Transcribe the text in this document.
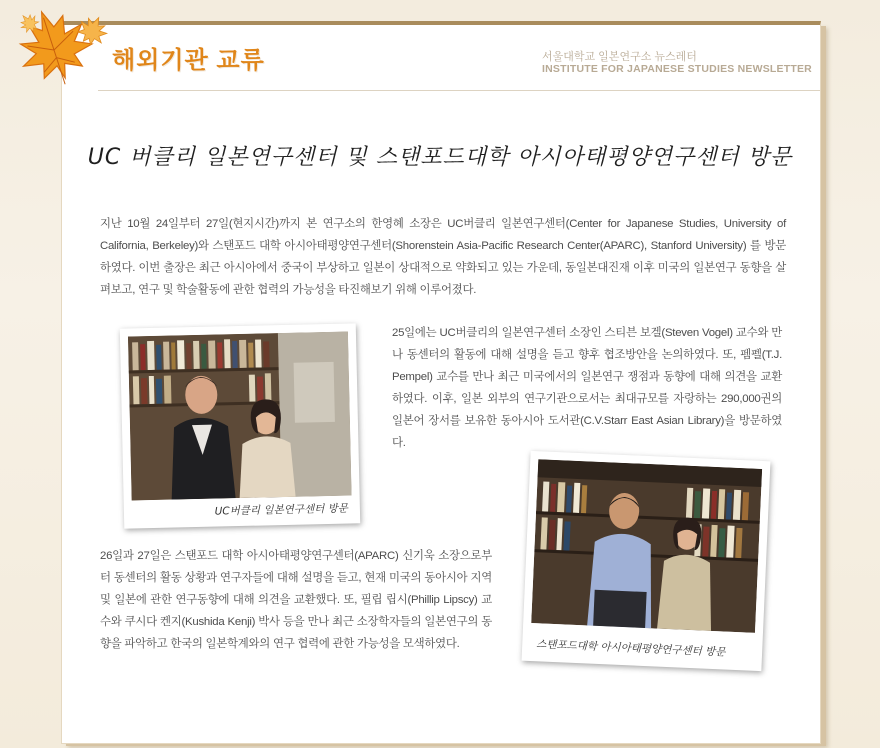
해외기관 교류	서울대학교 일본연구소 뉴스레터
INSTITUTE FOR JAPANESE STUDIES NEWSLETTER
UC 버클리 일본연구센터 및 스탠포드대학 아시아태평양연구센터 방문

지난 10월 24일부터 27일(현지시간)까지 본 연구소의 한영혜 소장은 UC버클리 일본연구센터(Center for Japanese Studies, University of California, Berkeley)와 스탠포드 대학 아시아태평양연구센터(Shorenstein Asia-Pacific Research Center(APARC), Stanford University) 를 방문하였다. 이번 출장은 최근 아시아에서 중국이 부상하고 일본이 상대적으로 약화되고 있는 가운데, 동일본대진재 이후 미국의 일본연구 동향을 살펴보고, 연구 및 학술활동에 관한 협력의 가능성을 타진해보기 위해 이루어졌다.

UC버클리 일본연구센터 방문

25일에는 UC버클리의 일본연구센터 소장인 스티븐 보겔(Steven Vogel) 교수와 만나 동센터의 활동에 대해 설명을 듣고 향후 협조방안을 논의하였다. 또, 펨펠(T.J. Pempel) 교수를 만나 최근 미국에서의 일본연구 쟁점과 동향에 대해 의견을 교환하였다. 이후, 일본 외부의 연구기관으로서는 최대규모를 자랑하는 290,000권의 일본어 장서를 보유한 동아시아 도서관(C.V.Starr East Asian Library)을 방문하였다.

스탠포드대학 아시아태평양연구센터 방문

26일과 27일은 스탠포드 대학 아시아태평양연구센터(APARC) 신기욱 소장으로부터 동센터의 활동 상황과 연구자들에 대해 설명을 듣고, 현재 미국의 동아시아 지역 및 일본에 관한 연구동향에 대해 의견을 교환했다. 또, 필립 립시(Phillip Lipscy) 교수와 쿠시다 켄지(Kushida Kenji) 박사 등을 만나 최근 소장학자들의 일본연구의 동향을 파악하고 한국의 일본학계와의 연구 협력에 관한 가능성을 모색하였다.
